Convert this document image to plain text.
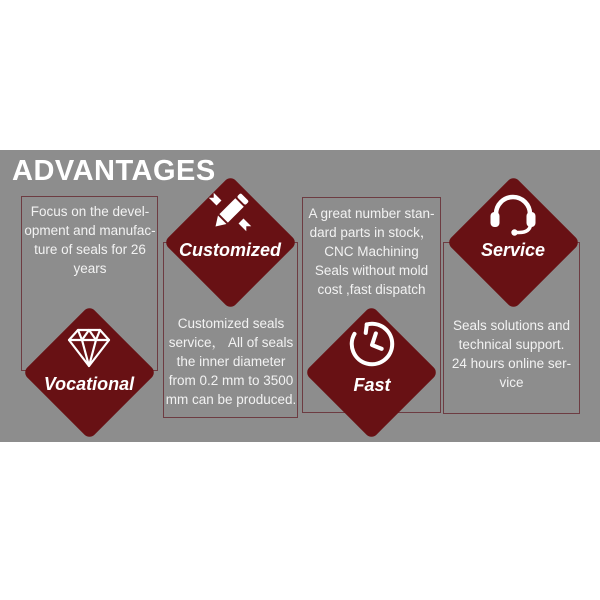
ADVANTAGES
Focus on the devel-
opment and manufac-
ture of seals for 26
years
Vocational
Customized seals
service， All of seals
the inner diameter
from 0.2 mm to 3500
mm can be produced.
Customized
A great number stan-
dard parts in stock，
CNC Machining
Seals without mold
cost ,fast dispatch
Fast
Seals solutions and
technical support.
24 hours online ser-
vice
Service
